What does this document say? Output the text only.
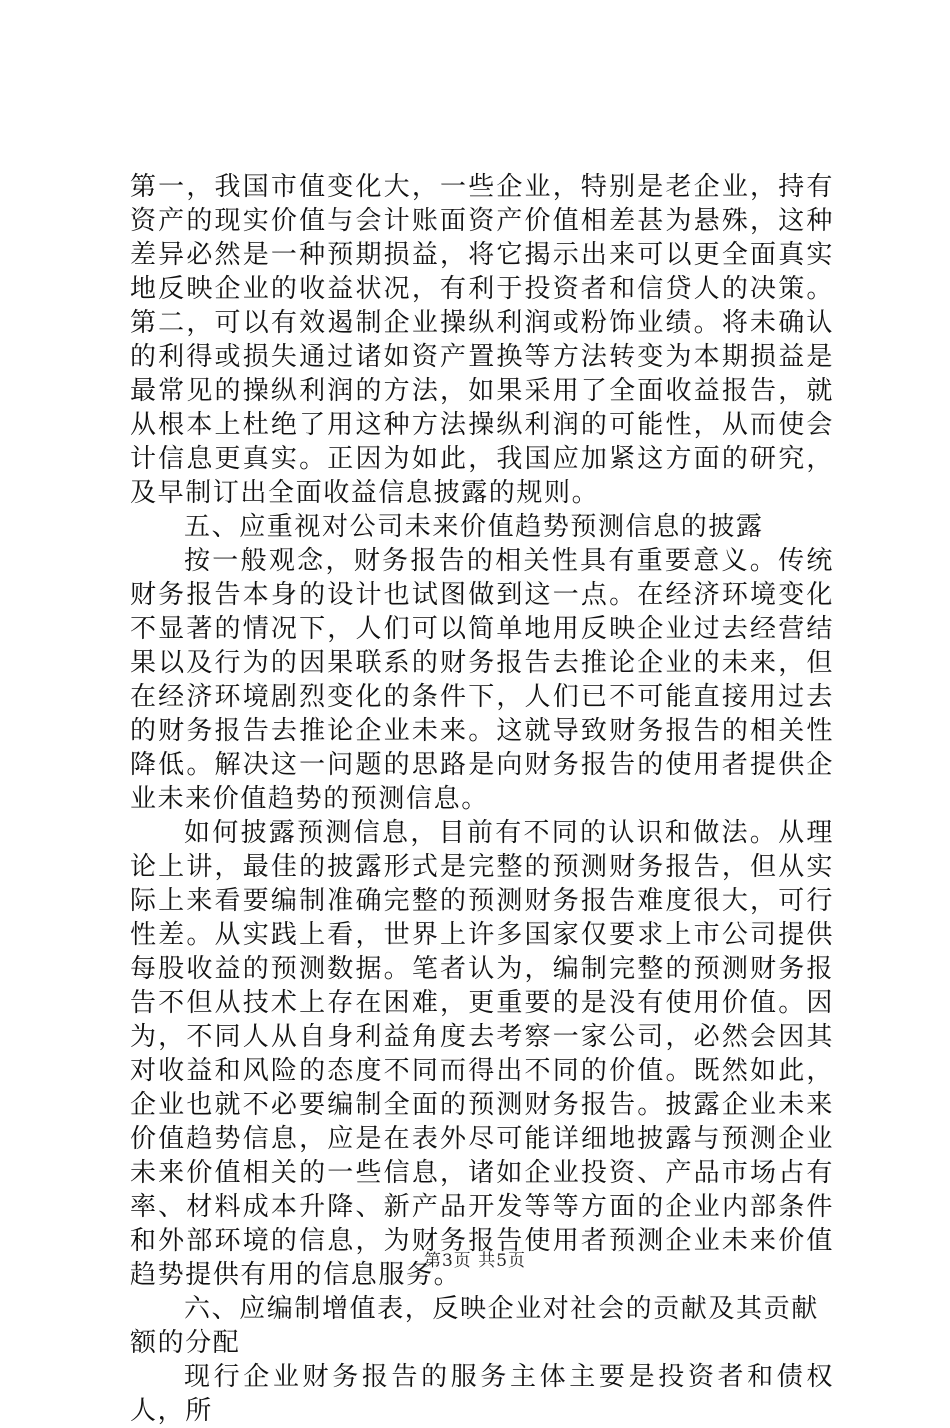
第一，我国市值变化大，一些企业，特别是老企业，持有资产的现实价值与会计账面资产价值相差甚为悬殊，这种差异必然是一种预期损益，将它揭示出来可以更全面真实地反映企业的收益状况，有利于投资者和信贷人的决策。第二，可以有效遏制企业操纵利润或粉饰业绩。将未确认的利得或损失通过诸如资产置换等方法转变为本期损益是最常见的操纵利润的方法，如果采用了全面收益报告，就从根本上杜绝了用这种方法操纵利润的可能性，从而使会计信息更真实。正因为如此，我国应加紧这方面的研究，及早制订出全面收益信息披露的规则。

五、应重视对公司未来价值趋势预测信息的披露

按一般观念，财务报告的相关性具有重要意义。传统财务报告本身的设计也试图做到这一点。在经济环境变化不显著的情况下，人们可以简单地用反映企业过去经营结果以及行为的因果联系的财务报告去推论企业的未来，但在经济环境剧烈变化的条件下，人们已不可能直接用过去的财务报告去推论企业未来。这就导致财务报告的相关性降低。解决这一问题的思路是向财务报告的使用者提供企业未来价值趋势的预测信息。

如何披露预测信息，目前有不同的认识和做法。从理论上讲，最佳的披露形式是完整的预测财务报告，但从实际上来看要编制准确完整的预测财务报告难度很大，可行性差。从实践上看，世界上许多国家仅要求上市公司提供每股收益的预测数据。笔者认为，编制完整的预测财务报告不但从技术上存在困难，更重要的是没有使用价值。因为，不同人从自身利益角度去考察一家公司，必然会因其对收益和风险的态度不同而得出不同的价值。既然如此，企业也就不必要编制全面的预测财务报告。披露企业未来价值趋势信息，应是在表外尽可能详细地披露与预测企业未来价值相关的一些信息，诸如企业投资、产品市场占有率、材料成本升降、新产品开发等等方面的企业内部条件和外部环境的信息，为财务报告使用者预测企业未来价值趋势提供有用的信息服务。

六、应编制增值表，反映企业对社会的贡献及其贡献额的分配

现行企业财务报告的服务主体主要是投资者和债权人，所

第3页 共5页
